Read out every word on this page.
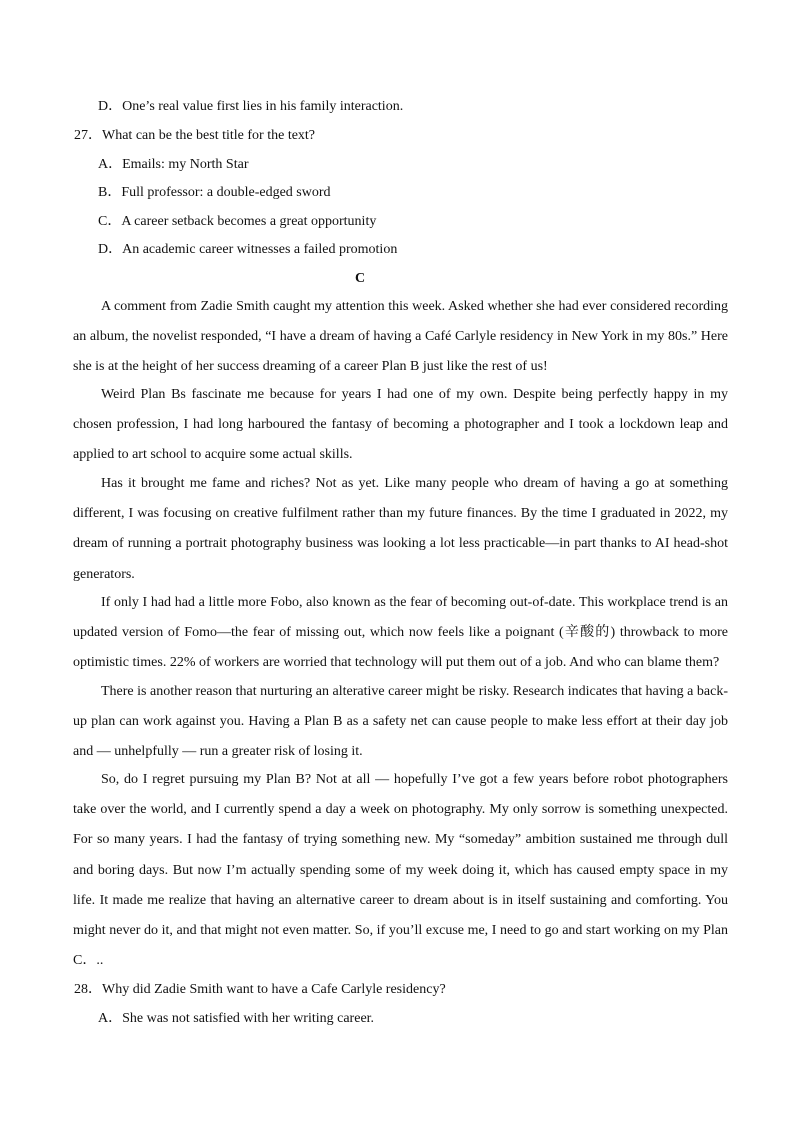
D．One’s real value first lies in his family interaction.
27．What can be the best title for the text?
A．Emails: my North Star
B．Full professor: a double-edged sword
C．A career setback becomes a great opportunity
D．An academic career witnesses a failed promotion
C

A comment from Zadie Smith caught my attention this week. Asked whether she had ever considered recording an album, the novelist responded, “I have a dream of having a Café Carlyle residency in New York in my 80s.” Here she is at the height of her success dreaming of a career Plan B just like the rest of us!

Weird Plan Bs fascinate me because for years I had one of my own. Despite being perfectly happy in my chosen profession, I had long harboured the fantasy of becoming a photographer and I took a lockdown leap and applied to art school to acquire some actual skills.

Has it brought me fame and riches? Not as yet. Like many people who dream of having a go at something different, I was focusing on creative fulfilment rather than my future finances. By the time I graduated in 2022, my dream of running a portrait photography business was looking a lot less practicable—in part thanks to AI head-shot generators.

If only I had had a little more Fobo, also known as the fear of becoming out-of-date. This workplace trend is an updated version of Fomo—the fear of missing out, which now feels like a poignant (辛酸的) throwback to more optimistic times. 22% of workers are worried that technology will put them out of a job. And who can blame them?

There is another reason that nurturing an alterative career might be risky. Research indicates that having a back-up plan can work against you. Having a Plan B as a safety net can cause people to make less effort at their day job and — unhelpfully — run a greater risk of losing it.

So, do I regret pursuing my Plan B? Not at all — hopefully I’ve got a few years before robot photographers take over the world, and I currently spend a day a week on photography. My only sorrow is something unexpected. For so many years. I had the fantasy of trying something new. My “someday” ambition sustained me through dull and boring days. But now I’m actually spending some of my week doing it, which has caused empty space in my life. It made me realize that having an alternative career to dream about is in itself sustaining and comforting. You might never do it, and that might not even matter. So, if you’ll excuse me, I need to go and start working on my Plan C．..

28．Why did Zadie Smith want to have a Cafe Carlyle residency?
A．She was not satisfied with her writing career.
